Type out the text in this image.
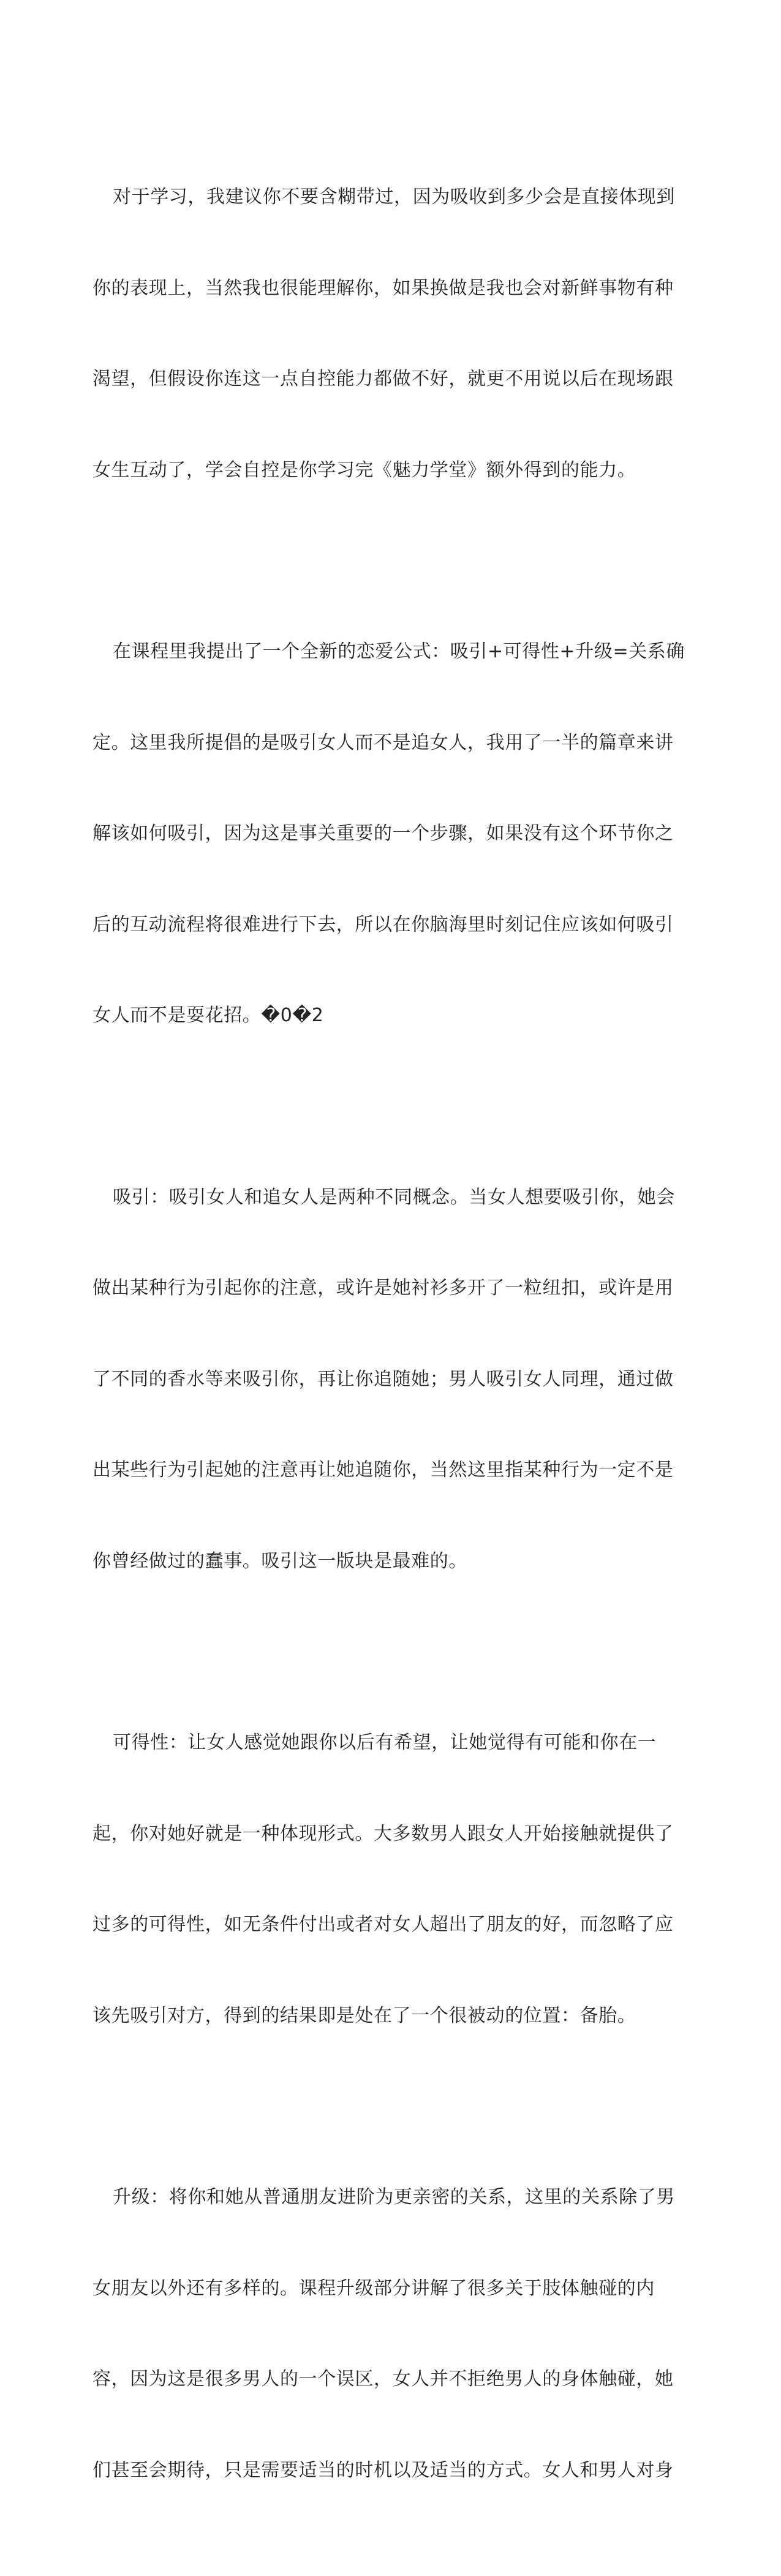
对于学习，我建议你不要含糊带过，因为吸收到多少会是直接体现到

你的表现上，当然我也很能理解你，如果换做是我也会对新鲜事物有种

渴望，但假设你连这一点自控能力都做不好，就更不用说以后在现场跟

女生互动了，学会自控是你学习完《魅力学堂》额外得到的能力。

在课程里我提出了一个全新的恋爱公式：吸引+可得性+升级=关系确

定。这里我所提倡的是吸引女人而不是追女人，我用了一半的篇章来讲

解该如何吸引，因为这是事关重要的一个步骤，如果没有这个环节你之

后的互动流程将很难进行下去，所以在你脑海里时刻记住应该如何吸引

女人而不是耍花招。�0�2

吸引：吸引女人和追女人是两种不同概念。当女人想要吸引你，她会

做出某种行为引起你的注意，或许是她衬衫多开了一粒纽扣，或许是用

了不同的香水等来吸引你，再让你追随她；男人吸引女人同理，通过做

出某些行为引起她的注意再让她追随你，当然这里指某种行为一定不是

你曾经做过的蠢事。吸引这一版块是最难的。

可得性：让女人感觉她跟你以后有希望，让她觉得有可能和你在一

起，你对她好就是一种体现形式。大多数男人跟女人开始接触就提供了

过多的可得性，如无条件付出或者对女人超出了朋友的好，而忽略了应

该先吸引对方，得到的结果即是处在了一个很被动的位置：备胎。

升级：将你和她从普通朋友进阶为更亲密的关系，这里的关系除了男

女朋友以外还有多样的。课程升级部分讲解了很多关于肢体触碰的内

容，因为这是很多男人的一个误区，女人并不拒绝男人的身体触碰，她

们甚至会期待，只是需要适当的时机以及适当的方式。女人和男人对身
